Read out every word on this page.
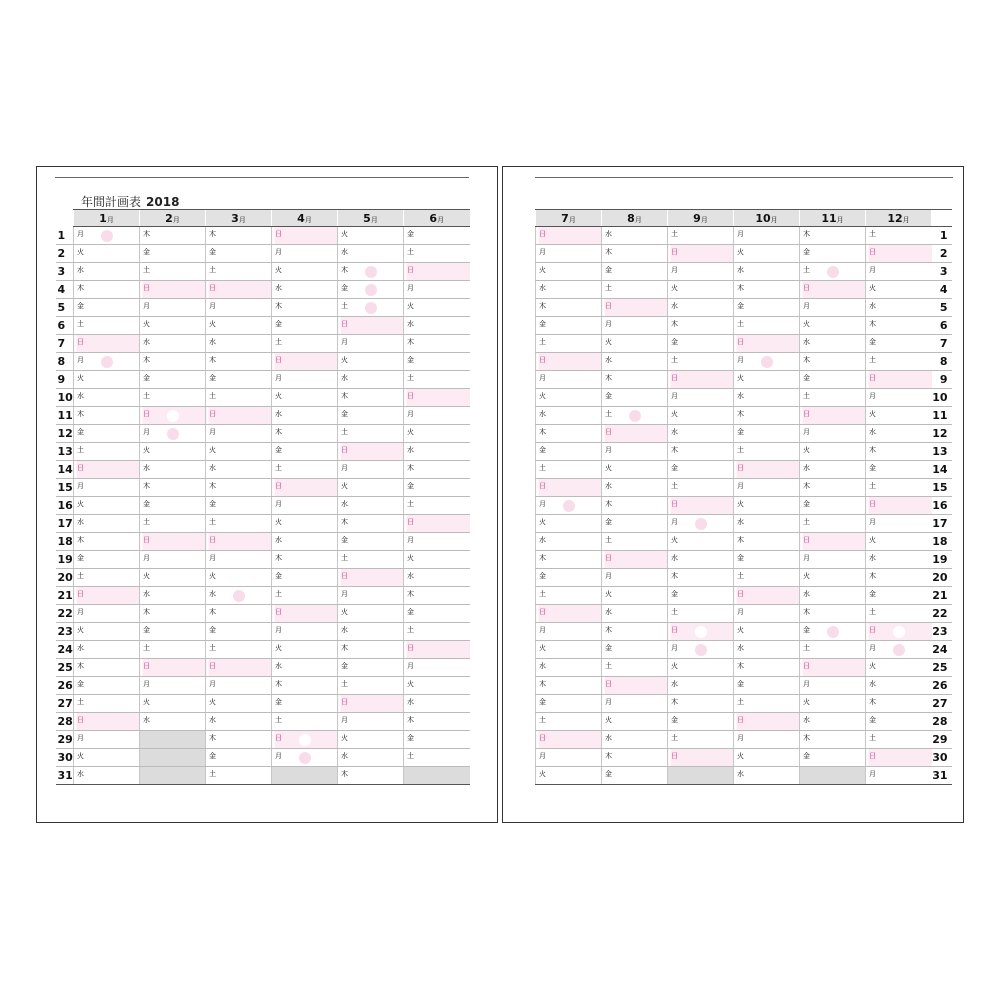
年間計画表 2018
	1月	2月	3月	4月	5月	6月
1	月	木	木	日	火	金

2	火	金	金	月	水	土

3	水	土	土	火	木	日

4	木	日	日	水	金	月

5	金	月	月	木	土	火

6	土	火	火	金	日	水

7	日	水	水	土	月	木

8	月	木	木	日	火	金

9	火	金	金	月	水	土

10	水	土	土	火	木	日

11	木	日	日	水	金	月

12	金	月	月	木	土	火

13	土	火	火	金	日	水

14	日	水	水	土	月	木

15	月	木	木	日	火	金

16	火	金	金	月	水	土

17	水	土	土	火	木	日

18	木	日	日	水	金	月

19	金	月	月	木	土	火

20	土	火	火	金	日	水

21	日	水	水	土	月	木

22	月	木	木	日	火	金

23	火	金	金	月	水	土

24	水	土	土	火	木	日

25	木	日	日	水	金	月

26	金	月	月	木	土	火

27	土	火	火	金	日	水

28	日	水	水	土	月	木

29	月		木	日	火	金

30	火		金	月	水	土

31	水		土		木	

7月	8月	9月	10月	11月	12月	

日	水	土	月	木	土	1

月	木	日	火	金	日	2

火	金	月	水	土	月	3

水	土	火	木	日	火	4

木	日	水	金	月	水	5

金	月	木	土	火	木	6

土	火	金	日	水	金	7

日	水	土	月	木	土	8

月	木	日	火	金	日	9

火	金	月	水	土	月	10

水	土	火	木	日	火	11

木	日	水	金	月	水	12

金	月	木	土	火	木	13

土	火	金	日	水	金	14

日	水	土	月	木	土	15

月	木	日	火	金	日	16

火	金	月	水	土	月	17

水	土	火	木	日	火	18

木	日	水	金	月	水	19

金	月	木	土	火	木	20

土	火	金	日	水	金	21

日	水	土	月	木	土	22

月	木	日	火	金	日	23

火	金	月	水	土	月	24

水	土	火	木	日	火	25

木	日	水	金	月	水	26

金	月	木	土	火	木	27

土	火	金	日	水	金	28

日	水	土	月	木	土	29

月	木	日	火	金	日	30

火	金		水		月	31
